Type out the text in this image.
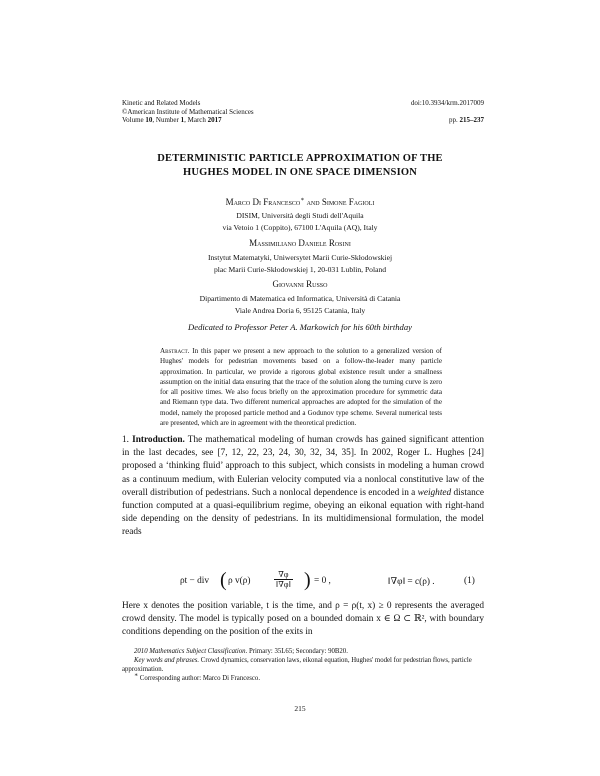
Kinetic and Related Models
©American Institute of Mathematical Sciences
Volume 10, Number 1, March 2017
doi:10.3934/krm.2017009
pp. 215–237
DETERMINISTIC PARTICLE APPROXIMATION OF THE
HUGHES MODEL IN ONE SPACE DIMENSION
Marco Di Francesco∗ and Simone Fagioli
DISIM, Università degli Studi dell'Aquila
via Vetoio 1 (Coppito), 67100 L'Aquila (AQ), Italy
Massimiliano Daniele Rosini
Instytut Matematyki, Uniwersytet Marii Curie-Skłodowskiej
plac Marii Curie-Skłodowskiej 1, 20-031 Lublin, Poland
Giovanni Russo
Dipartimento di Matematica ed Informatica, Università di Catania
Viale Andrea Doria 6, 95125 Catania, Italy
Dedicated to Professor Peter A. Markowich for his 60th birthday
Abstract. In this paper we present a new approach to the solution to a generalized version of Hughes' models for pedestrian movements based on a follow-the-leader many particle approximation. In particular, we provide a rigorous global existence result under a smallness assumption on the initial data ensuring that the trace of the solution along the turning curve is zero for all positive times. We also focus briefly on the approximation procedure for symmetric data and Riemann type data. Two different numerical approaches are adopted for the simulation of the model, namely the proposed particle method and a Godunov type scheme. Several numerical tests are presented, which are in agreement with the theoretical prediction.
1. Introduction. The mathematical modeling of human crowds has gained significant attention in the last decades, see [7, 12, 22, 23, 24, 30, 32, 34, 35]. In 2002, Roger L. Hughes [24] proposed a ‘thinking fluid’ approach to this subject, which consists in modeling a human crowd as a continuum medium, with Eulerian velocity computed via a nonlocal constitutive law of the overall distribution of pedestrians. Such a nonlocal dependence is encoded in a weighted distance function computed at a quasi-equilibrium regime, obeying an eikonal equation with right-hand side depending on the density of pedestrians. In its multidimensional formulation, the model reads
ρt − div ( ρ v(ρ)	$\frac{\nabla\varphi}{‖\nabla\varphi‖}$ ) = 0 ,	‖∇φ‖ = c(ρ) .	(1)
Here x denotes the position variable, t is the time, and ρ = ρ(t, x) ≥ 0 represents the averaged crowd density. The model is typically posed on a bounded domain x ∈ Ω ⊂ ℝ², with boundary conditions depending on the position of the exits in
2010 Mathematics Subject Classification. Primary: 35L65; Secondary: 90B20.
Key words and phrases. Crowd dynamics, conservation laws, eikonal equation, Hughes' model for pedestrian flows, particle approximation.
∗ Corresponding author: Marco Di Francesco.
215
